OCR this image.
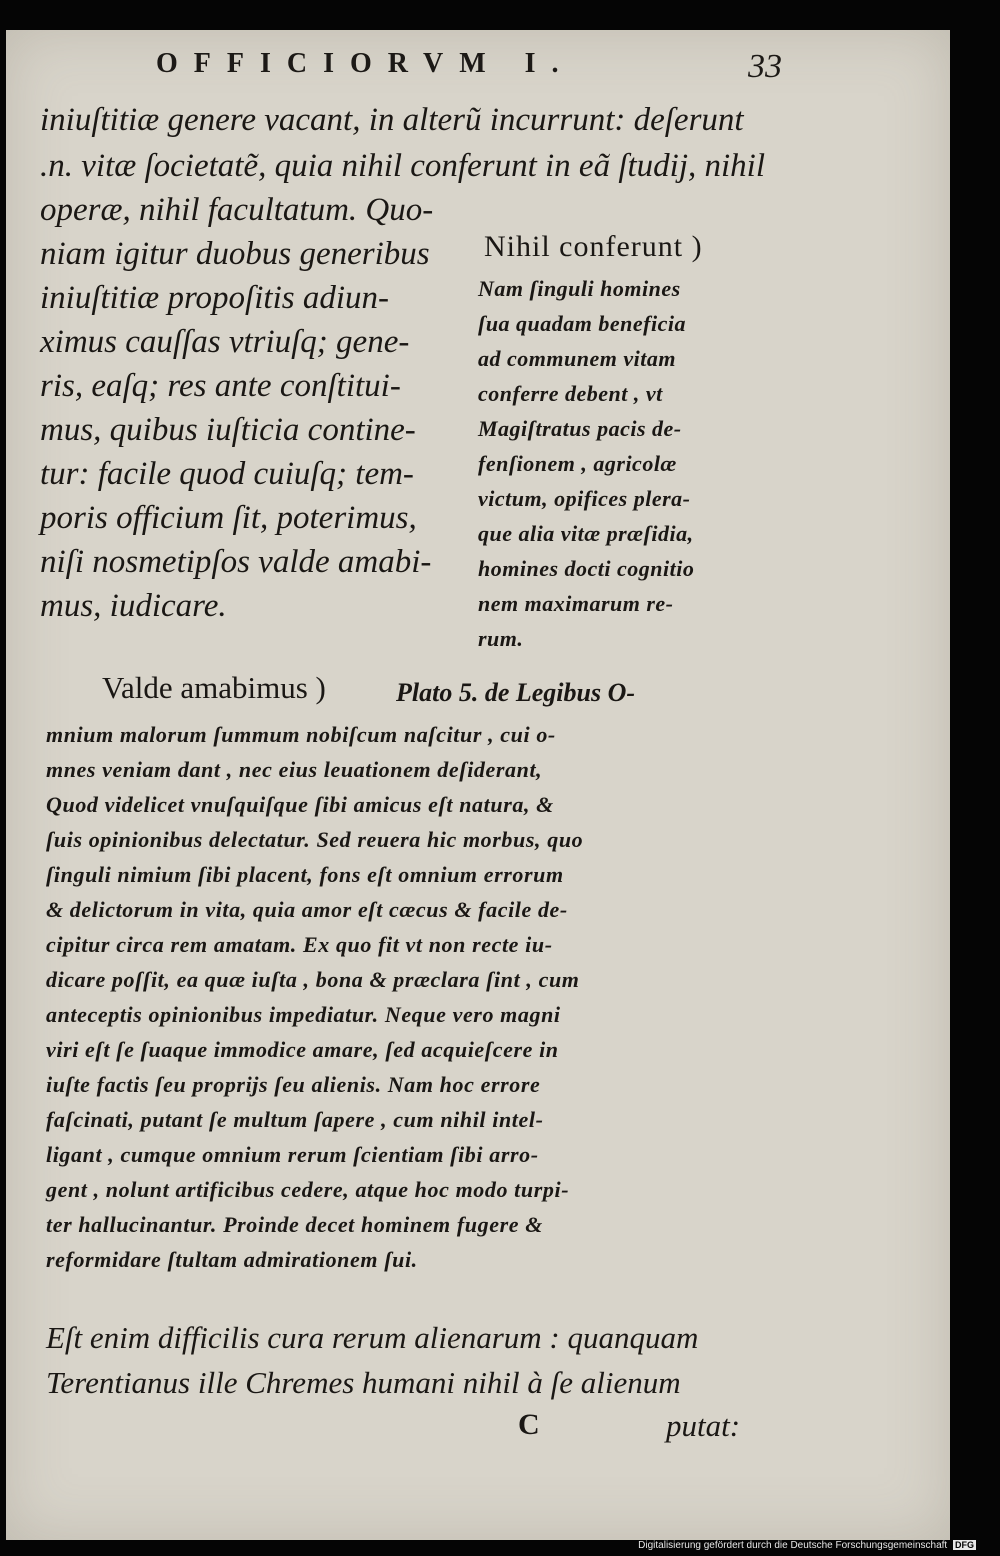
OFFICIORVM I.	33
iniuſtitiæ genere vacant, in alterũ incurrunt: deſerunt
.n. vitæ ſocietatẽ, quia nihil conferunt in eã ſtudij, nihil
operæ, nihil facultatum. Quo-
niam igitur duobus generibus
iniuſtitiæ propoſitis adiun-
ximus cauſſas vtriuſq; gene-
ris, eaſq; res ante conſtitui-
mus, quibus iuſticia contine-
tur: facile quod cuiuſq; tem-
poris officium ſit, poterimus,
niſi nosmetipſos valde amabi-
mus, iudicare.
Nihil conferunt )
Nam ſinguli homines
ſua quadam beneficia
ad communem vitam
conferre debent , vt
Magiſtratus pacis de-
fenſionem , agricolæ
victum, opifices plera-
que alia vitæ præſidia,
homines docti cognitio
nem maximarum re-
rum.
Valde amabimus )	Plato 5. de Legibus O-
mnium malorum ſummum nobiſcum naſcitur , cui o-
mnes veniam dant , nec eius leuationem deſiderant,
Quod videlicet vnuſquiſque ſibi amicus eſt natura, &
ſuis opinionibus delectatur. Sed reuera hic morbus, quo
ſinguli nimium ſibi placent, fons eſt omnium errorum
& delictorum in vita, quia amor eſt cæcus & facile de-
cipitur circa rem amatam. Ex quo fit vt non recte iu-
dicare poſſit, ea quæ iuſta , bona & præclara ſint , cum
anteceptis opinionibus impediatur. Neque vero magni
viri eſt ſe ſuaque immodice amare, ſed acquieſcere in
iuſte factis ſeu proprijs ſeu alienis. Nam hoc errore
faſcinati, putant ſe multum ſapere , cum nihil intel-
ligant , cumque omnium rerum ſcientiam ſibi arro-
gent , nolunt artificibus cedere, atque hoc modo turpi-
ter hallucinantur. Proinde decet hominem fugere &
reformidare ſtultam admirationem ſui.
Eſt enim difficilis cura rerum alienarum : quanquam
Terentianus ille Chremes humani nihil à ſe alienum
C	putat:
Digitalisierung gefördert durch die Deutsche Forschungsgemeinschaft DFG
